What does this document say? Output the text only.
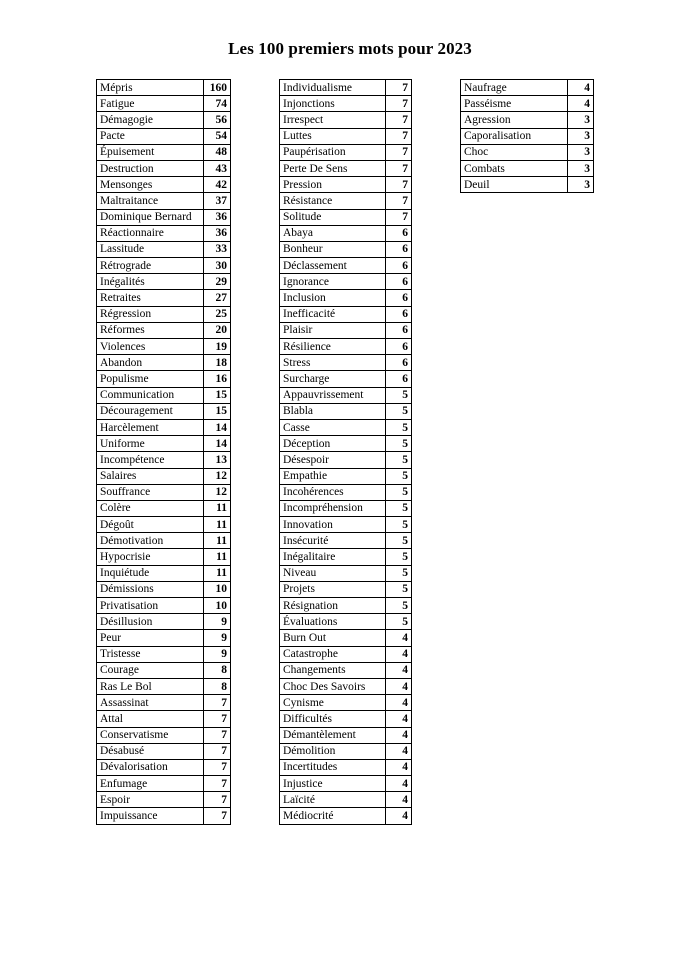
Les 100 premiers mots pour 2023
Mépris	160
Fatigue	74
Démagogie	56
Pacte	54
Épuisement	48
Destruction	43
Mensonges	42
Maltraitance	37
Dominique Bernard	36
Réactionnaire	36
Lassitude	33
Rétrograde	30
Inégalités	29
Retraites	27
Régression	25
Réformes	20
Violences	19
Abandon	18
Populisme	16
Communication	15
Découragement	15
Harcèlement	14
Uniforme	14
Incompétence	13
Salaires	12
Souffrance	12
Colère	11
Dégoût	11
Démotivation	11
Hypocrisie	11
Inquiétude	11
Démissions	10
Privatisation	10
Désillusion	9
Peur	9
Tristesse	9
Courage	8
Ras Le Bol	8
Assassinat	7
Attal	7
Conservatisme	7
Désabusé	7
Dévalorisation	7
Enfumage	7
Espoir	7
Impuissance	7
Individualisme	7
Injonctions	7
Irrespect	7
Luttes	7
Paupérisation	7
Perte De Sens	7
Pression	7
Résistance	7
Solitude	7
Abaya	6
Bonheur	6
Déclassement	6
Ignorance	6
Inclusion	6
Inefficacité	6
Plaisir	6
Résilience	6
Stress	6
Surcharge	6
Appauvrissement	5
Blabla	5
Casse	5
Déception	5
Désespoir	5
Empathie	5
Incohérences	5
Incompréhension	5
Innovation	5
Insécurité	5
Inégalitaire	5
Niveau	5
Projets	5
Résignation	5
Évaluations	5
Burn Out	4
Catastrophe	4
Changements	4
Choc Des Savoirs	4
Cynisme	4
Difficultés	4
Démantèlement	4
Démolition	4
Incertitudes	4
Injustice	4
Laïcité	4
Médiocrité	4
Naufrage	4
Passéisme	4
Agression	3
Caporalisation	3
Choc	3
Combats	3
Deuil	3
